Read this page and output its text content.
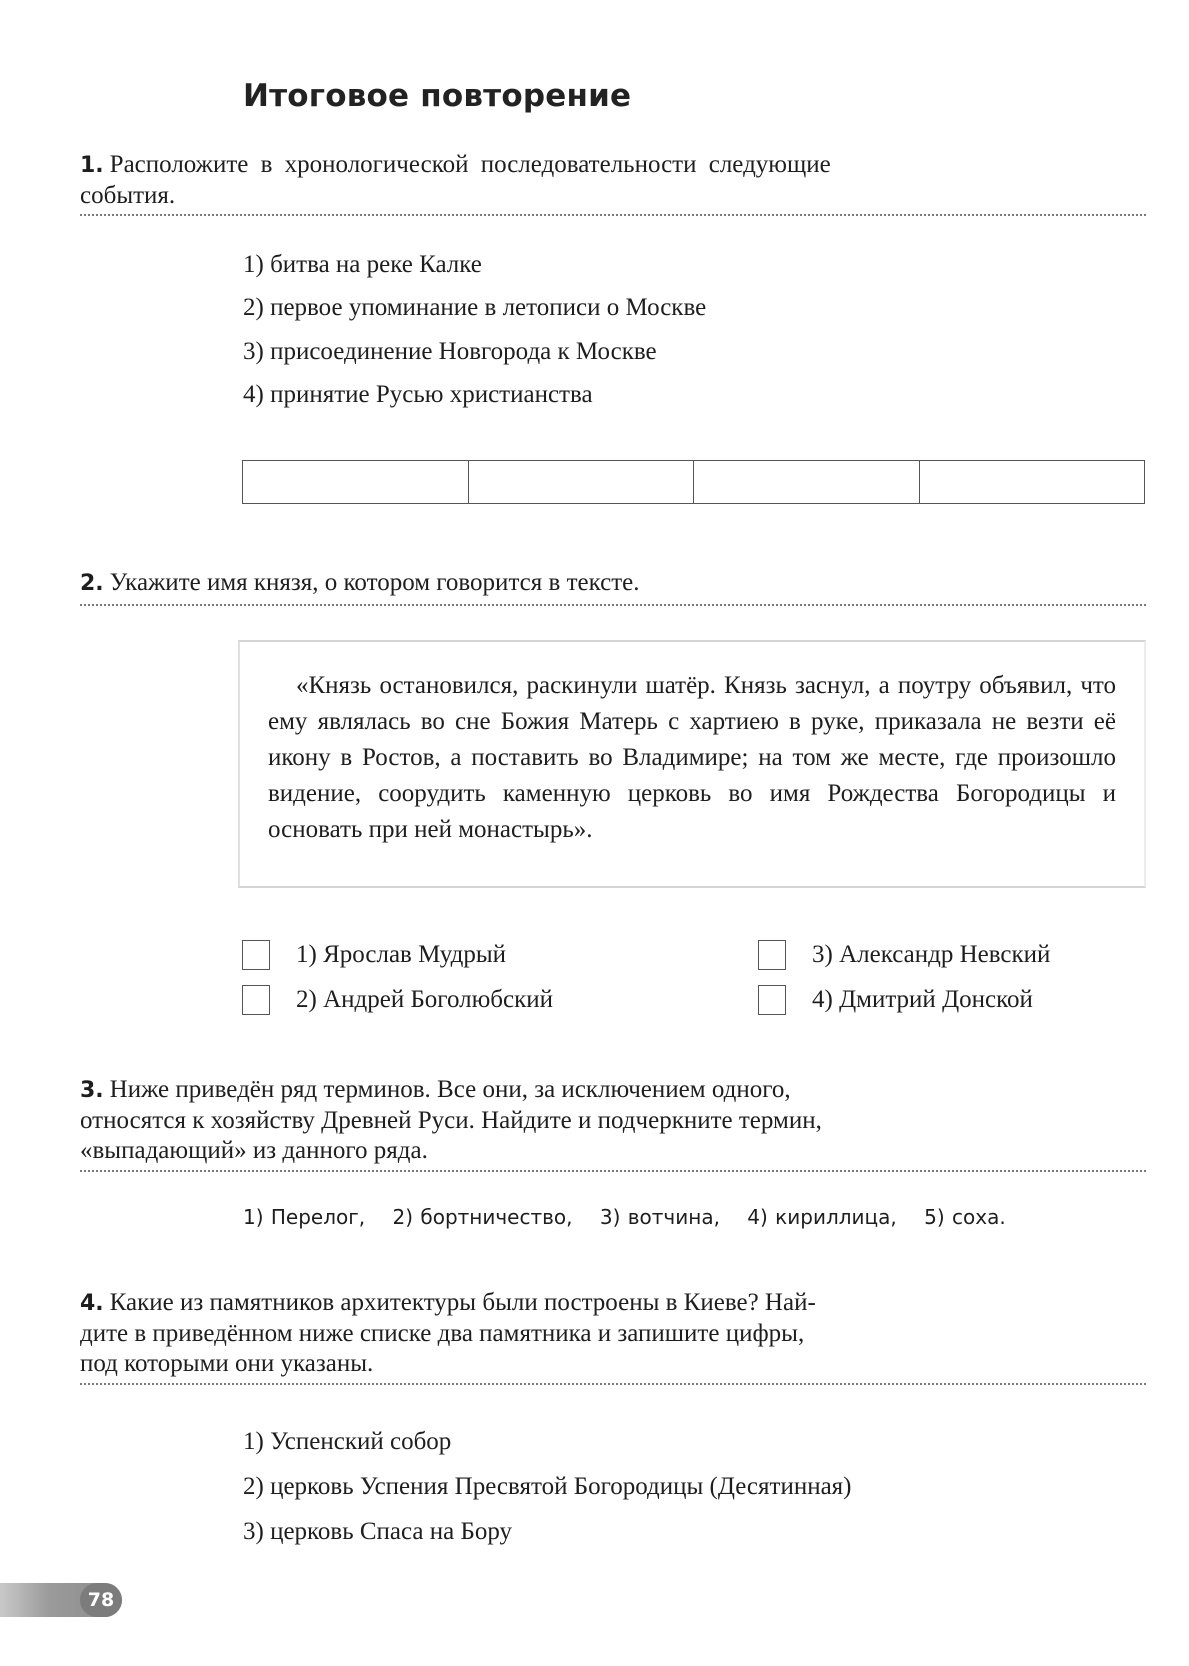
Итоговое повторение
1. Расположите в хронологической последовательности следующие
события.
1) битва на реке Калке
2) первое упоминание в летописи о Москве
3) присоединение Новгорода к Москве
4) принятие Русью христианства
2. Укажите имя князя, о котором говорится в тексте.
«Князь остановился, раскинули шатёр. Князь заснул, а поутру объявил, что ему являлась во сне Божия Матерь с хартиею в руке, приказала не везти её икону в Ростов, а поставить во Владимире; на том же месте, где произошло видение, соорудить каменную церковь во имя Рождества Богородицы и основать при ней монастырь».
1) Ярослав Мудрый
2) Андрей Боголюбский
3) Александр Невский
4) Дмитрий Донской
3. Ниже приведён ряд терминов. Все они, за исключением одного,
относятся к хозяйству Древней Руси. Найдите и подчеркните термин,
«выпадающий» из данного ряда.
1) Перелог, 2) бортничество, 3) вотчина, 4) кириллица, 5) соха.
4. Какие из памятников архитектуры были построены в Киеве? Най-
дите в приведённом ниже списке два памятника и запишите цифры,
под которыми они указаны.
1) Успенский собор
2) церковь Успения Пресвятой Богородицы (Десятинная)
3) церковь Спаса на Бору
78
